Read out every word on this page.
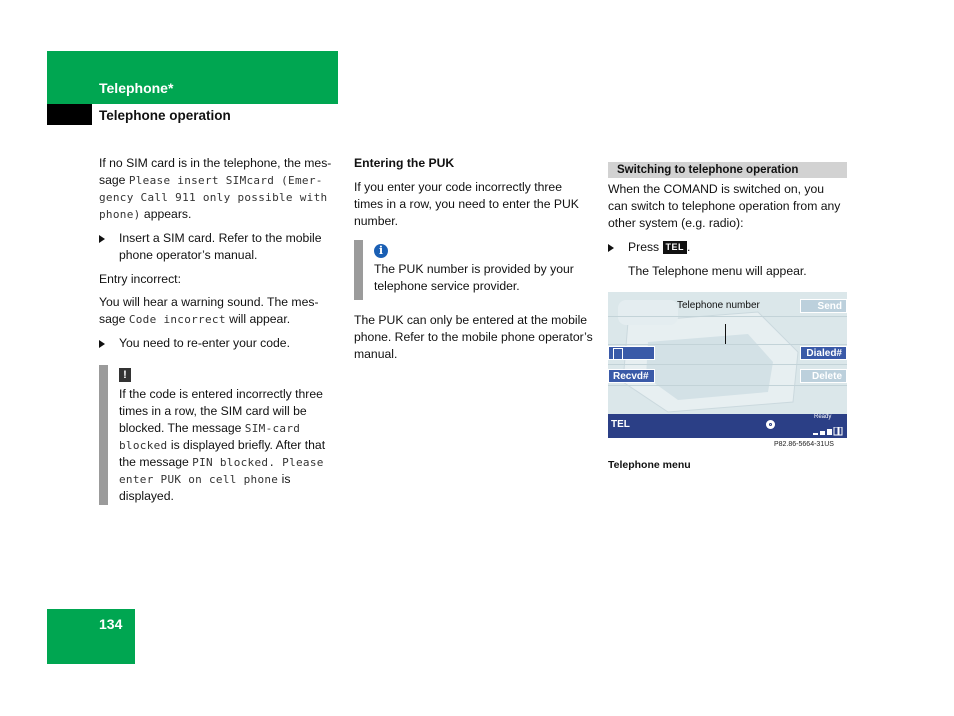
Telephone*
Telephone operation

If no SIM card is in the telephone, the mes-
sage Please insert SIMcard (Emer-gency Call 911 only possible with phone) appears.

Insert a SIM card. Refer to the mobile phone operator’s manual.

Entry incorrect:

You will hear a warning sound. The mes-sage Code incorrect will appear.

You need to re-enter your code.

!

If the code is entered incorrectly three times in a row, the SIM card will be blocked. The message SIM-card blocked is displayed briefly. After that the message PIN blocked. Please enter PUK on cell phone is displayed.

Entering the PUK

If you enter your code incorrectly three times in a row, you need to enter the PUK number.

i

The PUK number is provided by your telephone service provider.

The PUK can only be entered at the mobile phone. Refer to the mobile phone operator’s manual.
Switching to telephone operation

When the COMAND is switched on, you can switch to telephone operation from any other system (e.g. radio):

Press TEL .

The Telephone menu will appear.

Telephone number	Send
Dialed#
Recvd#	Delete
TEL
Ready
P82.86-5664-31US
Telephone menu
134
